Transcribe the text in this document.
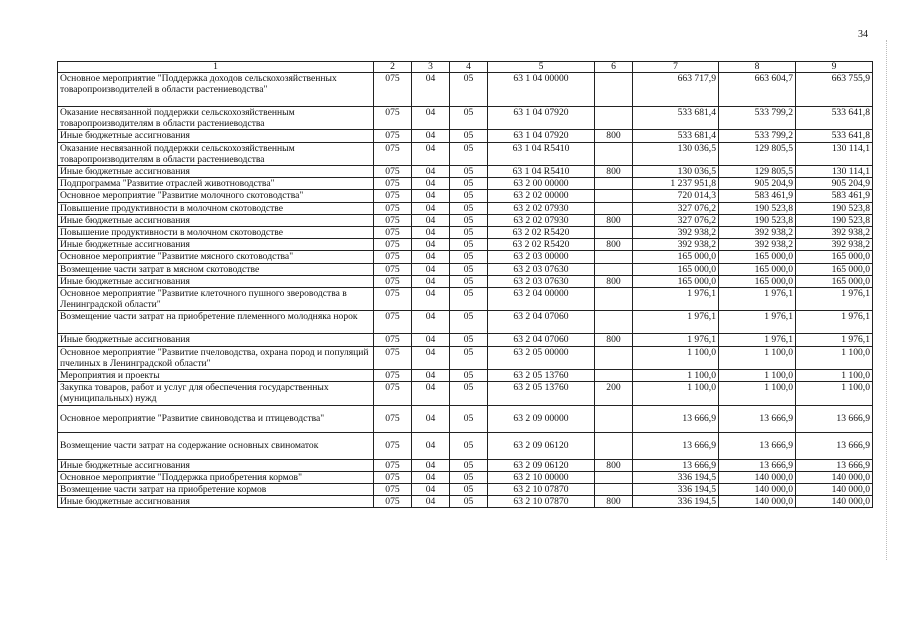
34
1	2	3	4	5	6	7	8	9
Основное мероприятие "Поддержка доходов сельскохозяйственных товаропроизводителей в области растениеводства"	075	04	05	63 1 04 00000		663 717,9	663 604,7	663 755,9
Оказание несвязанной поддержки сельскохозяйственным товаропроизводителям в области растениеводства	075	04	05	63 1 04 07920		533 681,4	533 799,2	533 641,8
Иные бюджетные ассигнования	075	04	05	63 1 04 07920	800	533 681,4	533 799,2	533 641,8
Оказание несвязанной поддержки сельскохозяйственным товаропроизводителям в области растениеводства	075	04	05	63 1 04 R5410		130 036,5	129 805,5	130 114,1
Иные бюджетные ассигнования	075	04	05	63 1 04 R5410	800	130 036,5	129 805,5	130 114,1
Подпрограмма "Развитие отраслей животноводства"	075	04	05	63 2 00 00000		1 237 951,8	905 204,9	905 204,9
Основное мероприятие "Развитие молочного скотоводства"	075	04	05	63 2 02 00000		720 014,3	583 461,9	583 461,9
Повышение продуктивности в молочном скотоводстве	075	04	05	63 2 02 07930		327 076,2	190 523,8	190 523,8
Иные бюджетные ассигнования	075	04	05	63 2 02 07930	800	327 076,2	190 523,8	190 523,8
Повышение продуктивности в молочном скотоводстве	075	04	05	63 2 02 R5420		392 938,2	392 938,2	392 938,2
Иные бюджетные ассигнования	075	04	05	63 2 02 R5420	800	392 938,2	392 938,2	392 938,2
Основное мероприятие "Развитие мясного скотоводства"	075	04	05	63 2 03 00000		165 000,0	165 000,0	165 000,0
Возмещение части затрат в мясном скотоводстве	075	04	05	63 2 03 07630		165 000,0	165 000,0	165 000,0
Иные бюджетные ассигнования	075	04	05	63 2 03 07630	800	165 000,0	165 000,0	165 000,0
Основное мероприятие "Развитие клеточного пушного звероводства в Ленинградской области"	075	04	05	63 2 04 00000		1 976,1	1 976,1	1 976,1
Возмещение части затрат на приобретение племенного молодняка норок	075	04	05	63 2 04 07060		1 976,1	1 976,1	1 976,1
Иные бюджетные ассигнования	075	04	05	63 2 04 07060	800	1 976,1	1 976,1	1 976,1
Основное мероприятие "Развитие пчеловодства, охрана пород и популяций пчелиных в Ленинградской области"	075	04	05	63 2 05 00000		1 100,0	1 100,0	1 100,0
Мероприятия и проекты	075	04	05	63 2 05 13760		1 100,0	1 100,0	1 100,0
Закупка товаров, работ и услуг для обеспечения государственных (муниципальных) нужд	075	04	05	63 2 05 13760	200	1 100,0	1 100,0	1 100,0
Основное мероприятие "Развитие свиноводства и птицеводства"	075	04	05	63 2 09 00000		13 666,9	13 666,9	13 666,9
Возмещение части затрат на содержание основных свиноматок	075	04	05	63 2 09 06120		13 666,9	13 666,9	13 666,9
Иные бюджетные ассигнования	075	04	05	63 2 09 06120	800	13 666,9	13 666,9	13 666,9
Основное мероприятие "Поддержка приобретения кормов"	075	04	05	63 2 10 00000		336 194,5	140 000,0	140 000,0
Возмещение части затрат на приобретение кормов	075	04	05	63 2 10 07870		336 194,5	140 000,0	140 000,0
Иные бюджетные ассигнования	075	04	05	63 2 10 07870	800	336 194,5	140 000,0	140 000,0
